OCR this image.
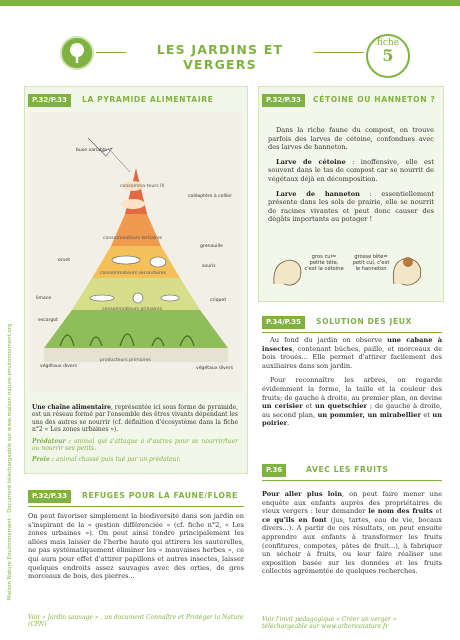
LES JARDINS ET VERGERS
fiche
5
Maison Nature Environnement - Document téléchargeable sur www.maison-nature-environnement.org
P.32/P.33	LA PYRAMIDE ALIMENTAIRE
buse variable
coléoptère à collier
grenouille
orvet
souris
limace	criquet
escargot
végétaux divers	végétaux divers
consomma-teurs III
consommateurs tertiaires
consommateurs secondaires
consommateurs primaires
producteurs primaires
Une chaîne alimentaire, représentée ici sous forme de pyramide, est un réseau formé par l'ensemble des êtres vivants dépendant les uns des autres se nourrir (cf. définition d'écosystème dans la fiche n°2 « Les zones urbaines »).
Prédateur : animal qui s'attaque à d'autres pour se nourrir/tuer ou nourrir ses petits.
Proie : animal chassé puis tué par un prédateur.
P.32/P.33	REFUGES POUR LA FAUNE/FLORE
On peut favoriser simplement la biodiversité dans son jardin en s'inspirant de la « gestion différenciée » (cf. fiche n°2, « Les zones urbaines »). On peut ainsi tondre principalement les allées mais laisser de l'herbe haute qui attirera les sauterelles, ne pas systématiquement éliminer les « mauvaises herbes », ce qui aura pour effet d'attirer papillons et autres insectes, laisser quelques endroits assez sauvages avec des orties, de gros morceaux de bois, des pierres...
Voir « Jardin sauvage » , un document Connaître et Protéger la Nature (CPN)
P.32/P.33	CÉTOINE OU HANNETON ?

Dans la riche faune du compost, on trouve parfois des larves de cétoine, confondues avec des larves de hanneton.

Larve de cétoine : inoffensive, elle est souvent dans le tas de compost car se nourrit de végétaux déjà en décomposition.

Larve de hanneton : essentiellement présente dans les sols de prairie, elle se nourrit de racines vivantes et peut donc causer des dégâts importants au potager !

gros cul= petite tête, c'est la cétoine
grosse tête= petit cul, c'est le hanneton
P.34/P.35	SOLUTION DES JEUX

Au fond du jardin on observe une cabane à insectes, contenant bûches, paille, et morceaux de bois troués... Elle permet d'attirer facilement des auxiliaires dans son jardin.

Pour reconnaître les arbres, on regarde évidemment la forme, la taille et la couleur des fruits; de gauche à droite, au premier plan, on devine un cerisier et un quetschier ; de gauche à droite, au second plan, un pommier, un mirabellier et un poirier.

P.36	AVEC LES FRUITS

Pour aller plus loin, on peut faire mener une enquête aux enfants auprès des propriétaires de vieux vergers : leur demander le nom des fruits et ce qu'ils en font (jus, tartes, eau de vie, bocaux divers...). A partir de ces résultats, on peut ensuite apprendre aux enfants à transformer les fruits (confitures, compotes, pâtes de fruit...), à fabriquer un séchoir à fruits, ou leur faire réaliser une exposition basée sur les données et les fruits collectés agrémentée de quelques recherches.

Voir l'invit pédagogique « Créer un verger » téléchargeable sur www.arboresnature.fr
